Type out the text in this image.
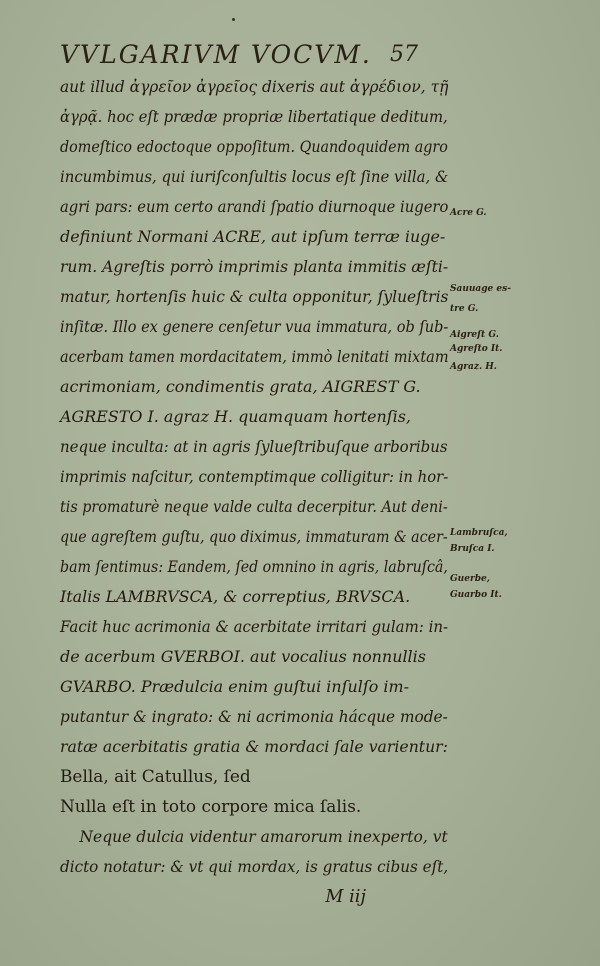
VVLGARIVM VOCVM. 57
aut illud ἀγρεῖον ἀγρεῖος dixeris aut ἀγρέδιον, τῇ
ἀγρᾷ. hoc eſt prædæ propriæ libertatique deditum,
domeſtico edoctoque oppoſitum. Quandoquidem agro
incumbimus, qui iuriſconſultis locus eſt ſine villa, &
agri pars: eum certo arandi ſpatio diurnoque iugero
definiunt Normani ACRE, aut ipſum terræ iuge-
rum. Agreſtis porrò imprimis planta immitis æſti-
matur, hortenſis huic & culta opponitur, ſylueſtris
inſitæ. Illo ex genere cenſetur vua immatura, ob ſub-
acerbam tamen mordacitatem, immò lenitati mixtam
acrimoniam, condimentis grata, AIGREST G.
AGRESTO I. agraz H. quamquam hortenſis,
neque inculta: at in agris ſylueſtribuſque arboribus
imprimis naſcitur, contemptimque colligitur: in hor-
tis promaturè neque valde culta decerpitur. Aut deni-
que agreſtem guſtu, quo diximus, immaturam & acer-
bam ſentimus: Eandem, ſed omnino in agris, labruſcâ,
Italis LAMBRVSCA, & correptius, BRVSCA.
Facit huc acrimonia & acerbitate irritari gulam: in-
de acerbum GVERBOI. aut vocalius nonnullis
GVARBO. Prædulcia enim guſtui inſulſo im-
putantur & ingrato: & ni acrimonia hácque mode-
ratæ acerbitatis gratia & mordaci ſale varientur:
Bella, ait Catullus, ſed
Nulla eſt in toto corpore mica ſalis.
Neque dulcia videntur amarorum inexperto, vt
dicto notatur: & vt qui mordax, is gratus cibus eſt,
M iij
Acre G.
Sauuage es-
tre G.
Aigreſt G.
Agreſto It.
Agraz. H.
Lambruſca,
Bruſca I.
Guerbe,
Guarbo It.
